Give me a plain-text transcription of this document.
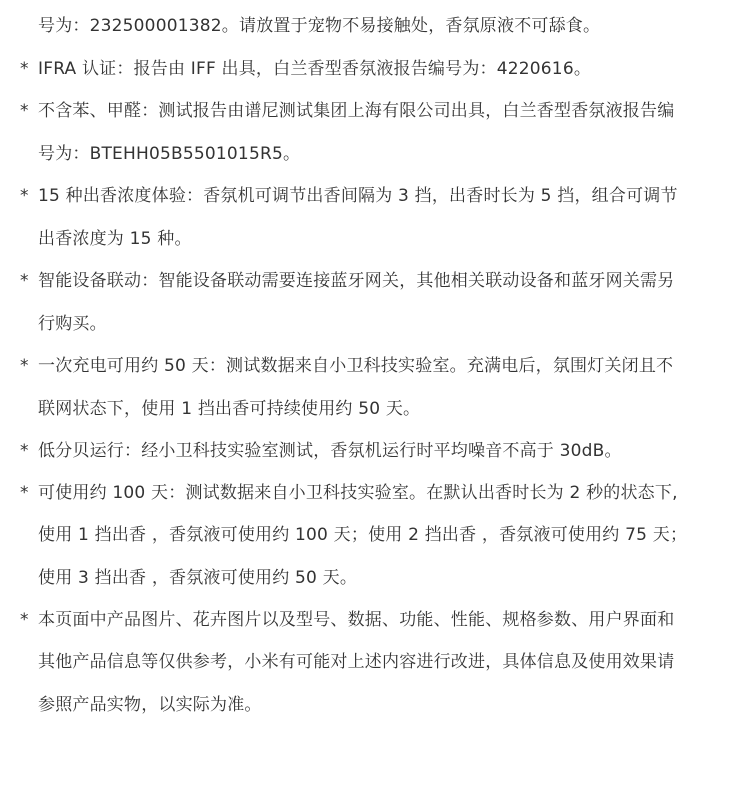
号为：232500001382。请放置于宠物不易接触处，香氛原液不可舔食。
* IFRA 认证：报告由 IFF 出具，白兰香型香氛液报告编号为：4220616。
* 不含苯、甲醛：测试报告由谱尼测试集团上海有限公司出具，白兰香型香氛液报告编
号为：BTEHH05B5501015R5。
* 15 种出香浓度体验：香氛机可调节出香间隔为 3 挡，出香时长为 5 挡，组合可调节
出香浓度为 15 种。
* 智能设备联动：智能设备联动需要连接蓝牙网关，其他相关联动设备和蓝牙网关需另
行购买。
* 一次充电可用约 50 天：测试数据来自小卫科技实验室。充满电后，氛围灯关闭且不
联网状态下，使用 1 挡出香可持续使用约 50 天。
* 低分贝运行：经小卫科技实验室测试，香氛机运行时平均噪音不高于 30dB。
* 可使用约 100 天：测试数据来自小卫科技实验室。在默认出香时长为 2 秒的状态下,
使用 1 挡出香 ，香氛液可使用约 100 天；使用 2 挡出香 ，香氛液可使用约 75 天；
使用 3 挡出香 ，香氛液可使用约 50 天。
* 本页面中产品图片、花卉图片以及型号、数据、功能、性能、规格参数、用户界面和
其他产品信息等仅供参考，小米有可能对上述内容进行改进，具体信息及使用效果请
参照产品实物，以实际为准。
